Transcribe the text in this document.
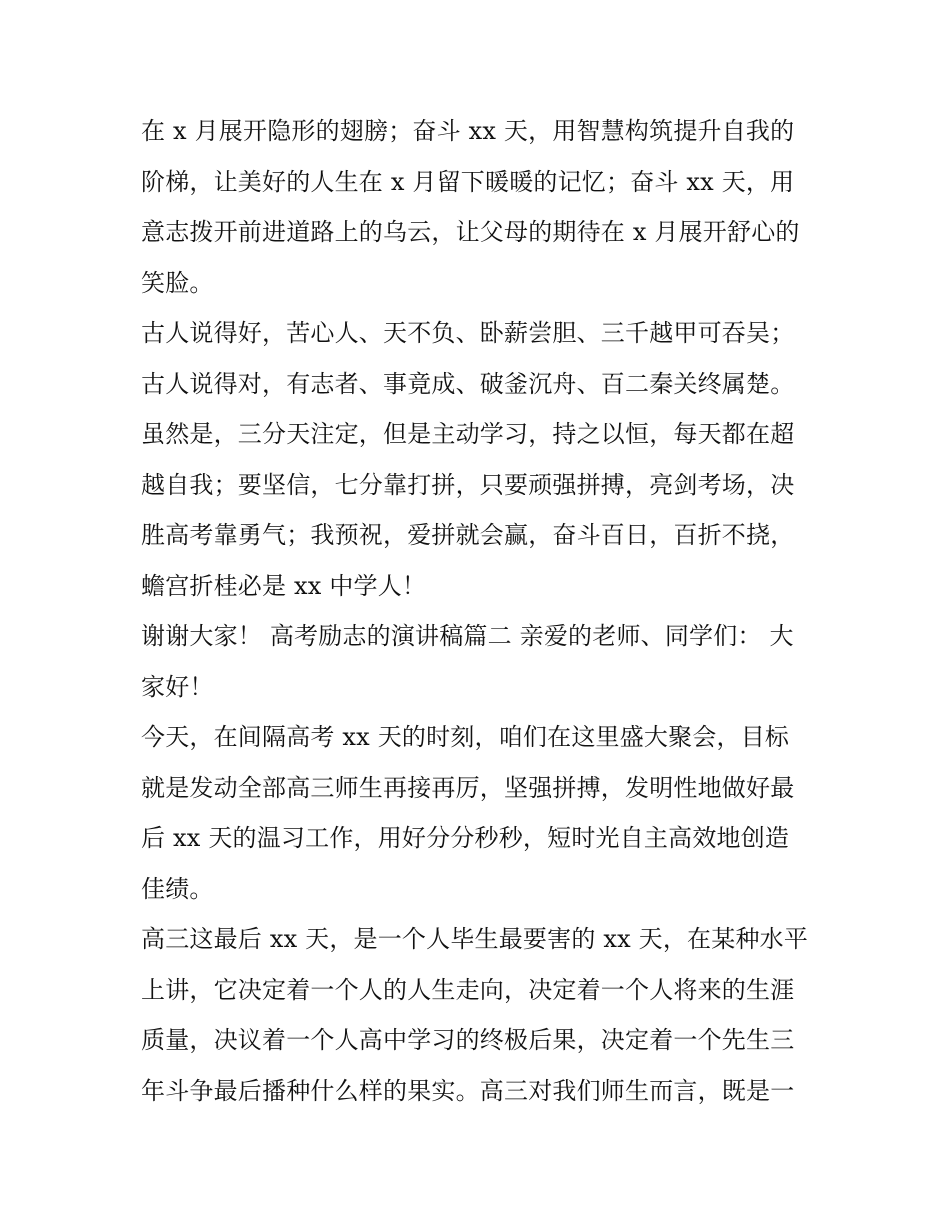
在 x 月展开隐形的翅膀；奋斗 xx 天，用智慧构筑提升自我的
阶梯，让美好的人生在 x 月留下暖暖的记忆；奋斗 xx 天，用
意志拨开前进道路上的乌云，让父母的期待在 x 月展开舒心的
笑脸。
古人说得好，苦心人、天不负、卧薪尝胆、三千越甲可吞吴；
古人说得对，有志者、事竟成、破釜沉舟、百二秦关终属楚。
虽然是，三分天注定，但是主动学习，持之以恒，每天都在超
越自我；要坚信，七分靠打拼，只要顽强拼搏，亮剑考场，决
胜高考靠勇气；我预祝，爱拼就会赢，奋斗百日，百折不挠，
蟾宫折桂必是 xx 中学人！
谢谢大家！ 高考励志的演讲稿篇二 亲爱的老师、同学们： 大
家好！
今天，在间隔高考 xx 天的时刻，咱们在这里盛大聚会，目标
就是发动全部高三师生再接再厉，坚强拼搏，发明性地做好最
后 xx 天的温习工作，用好分分秒秒，短时光自主高效地创造
佳绩。
高三这最后 xx 天，是一个人毕生最要害的 xx 天，在某种水平
上讲，它决定着一个人的人生走向，决定着一个人将来的生涯
质量，决议着一个人高中学习的终极后果，决定着一个先生三
年斗争最后播种什么样的果实。高三对我们师生而言，既是一
